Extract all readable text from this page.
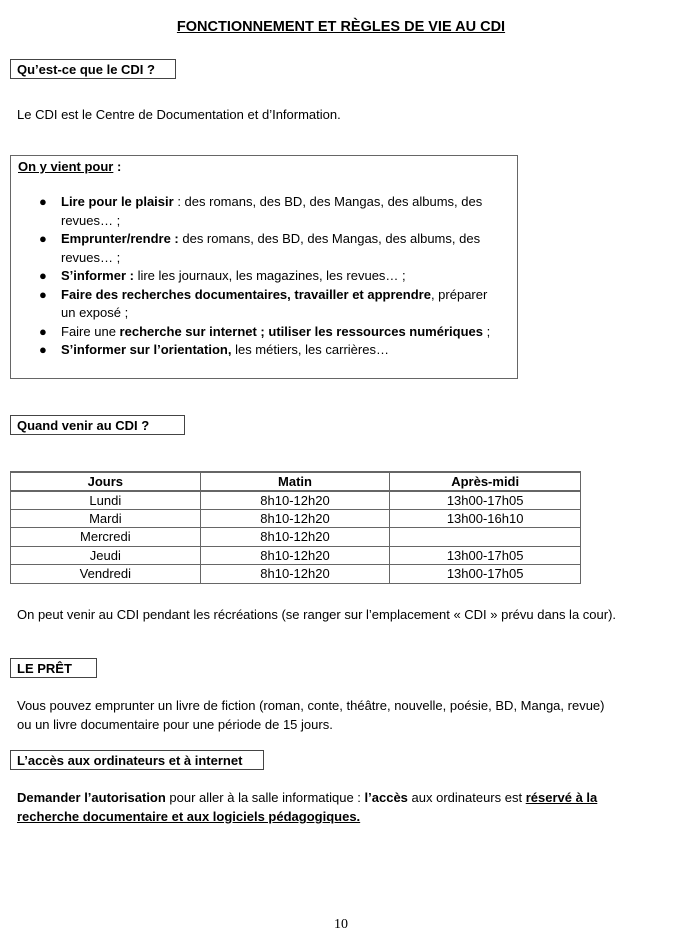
FONCTIONNEMENT ET RÈGLES DE VIE AU CDI
Qu’est-ce que le CDI ?
Le CDI est le Centre de Documentation et d’Information.
On y vient pour :
● Lire pour le plaisir : des romans, des BD, des Mangas, des albums, des revues… ;
● Emprunter/rendre : des romans, des BD, des Mangas, des albums, des revues… ;
● S’informer : lire les journaux, les magazines, les revues… ;
● Faire des recherches documentaires, travailler et apprendre, préparer un exposé ;
● Faire une recherche sur internet ; utiliser les ressources numériques ;
● S’informer sur l’orientation, les métiers, les carrières…
Quand venir au CDI ?
Jours	Matin	Après-midi
Lundi	8h10-12h20	13h00-17h05
Mardi	8h10-12h20	13h00-16h10
Mercredi	8h10-12h20	
Jeudi	8h10-12h20	13h00-17h05
Vendredi	8h10-12h20	13h00-17h05
On peut venir au CDI pendant les récréations (se ranger sur l’emplacement « CDI » prévu dans la cour).
LE PRÊT
Vous pouvez emprunter un livre de fiction (roman, conte, théâtre, nouvelle, poésie, BD, Manga, revue)
ou un livre documentaire pour une période de 15 jours.
L’accès aux ordinateurs et à internet
Demander l’autorisation pour aller à la salle informatique : l’accès aux ordinateurs est réservé à la
recherche documentaire et aux logiciels pédagogiques.
10
